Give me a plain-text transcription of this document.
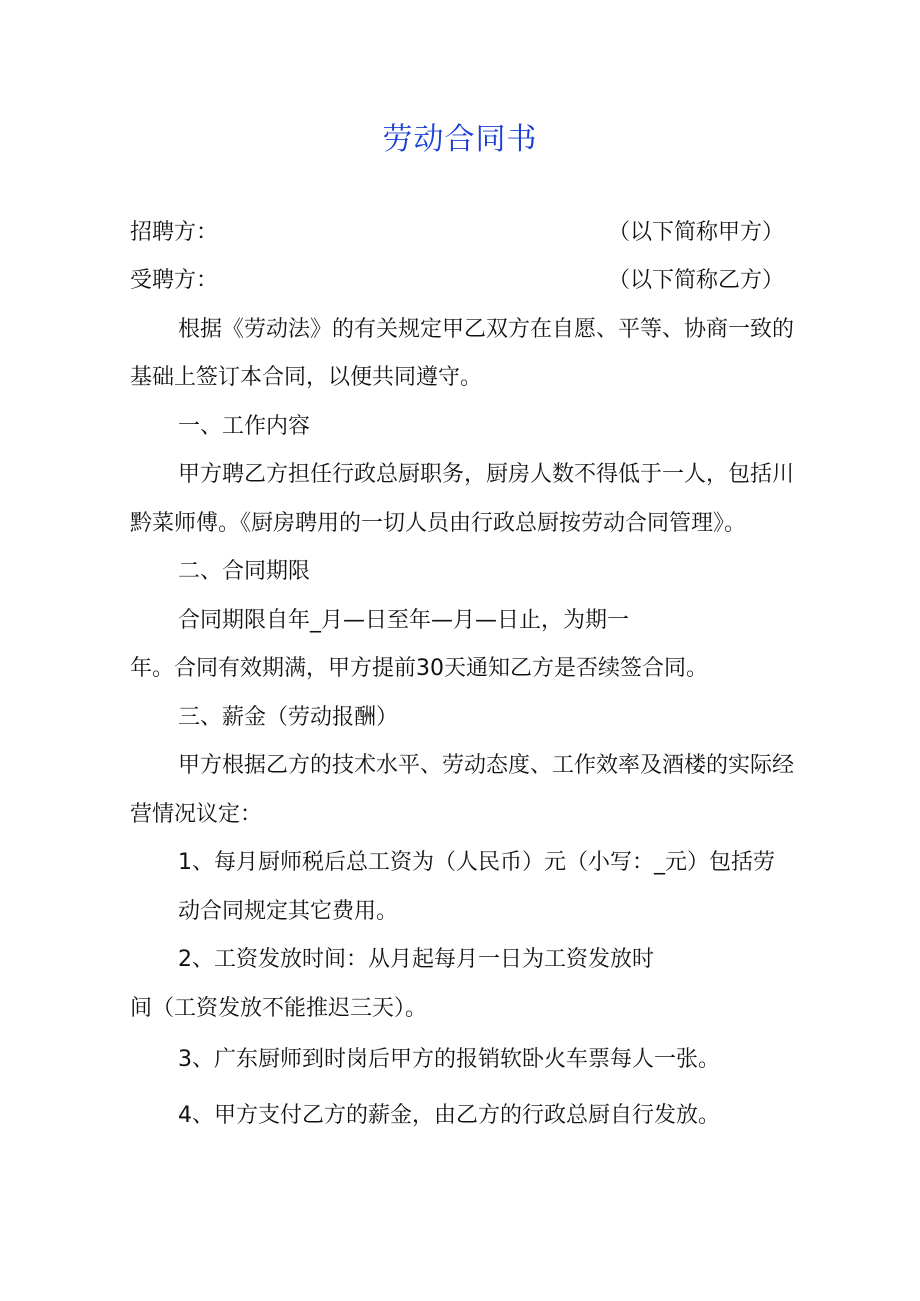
劳动合同书
招聘方：	（以下简称甲方）
受聘方：	（以下简称乙方）
根据《劳动法》的有关规定甲乙双方在自愿、平等、协商一致的
基础上签订本合同，以便共同遵守。
一、工作内容
甲方聘乙方担任行政总厨职务，厨房人数不得低于一人，包括川
黔菜师傅。《厨房聘用的一切人员由行政总厨按劳动合同管理》。
二、合同期限
合同期限自年_月—日至年—月—日止，为期一
年。合同有效期满，甲方提前30天通知乙方是否续签合同。
三、薪金（劳动报酬）
甲方根据乙方的技术水平、劳动态度、工作效率及酒楼的实际经
营情况议定：
1、每月厨师税后总工资为（人民币）元（小写：_元）包括劳
动合同规定其它费用。
2、工资发放时间：从月起每月一日为工资发放时
间（工资发放不能推迟三天）。
3、广东厨师到时岗后甲方的报销软卧火车票每人一张。
4、甲方支付乙方的薪金，由乙方的行政总厨自行发放。
